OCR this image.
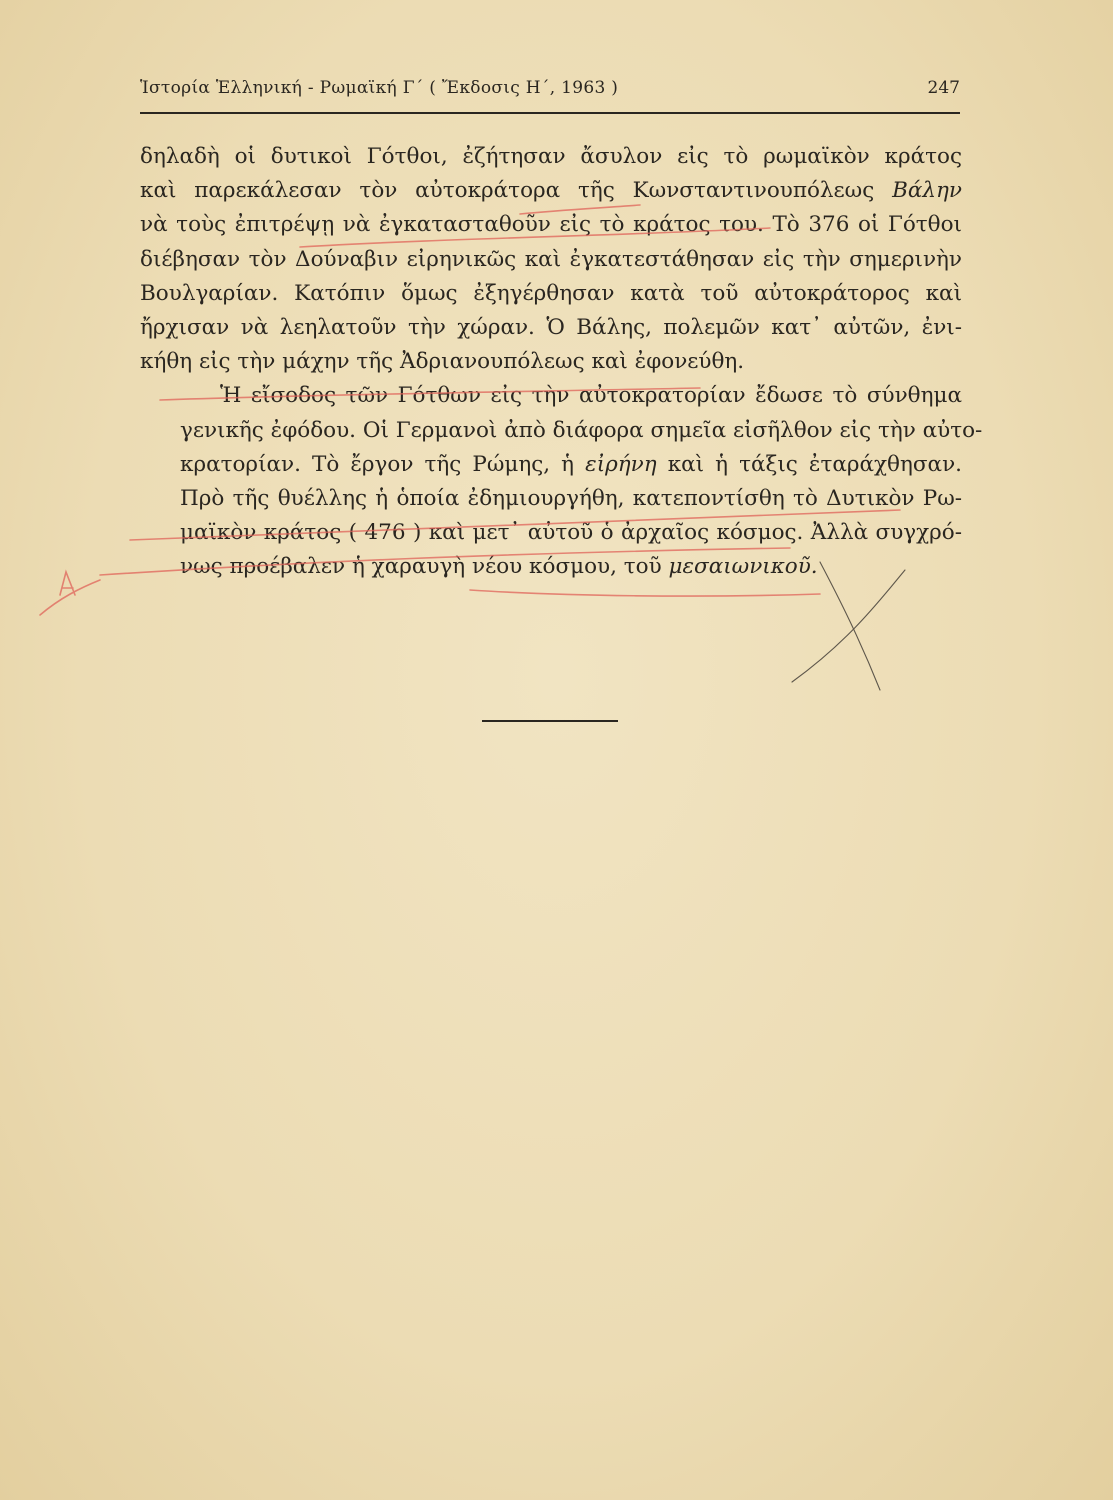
Ἱστορία Ἑλληνική - Ρωμαϊκή Γ΄ ( Ἔκδοσις Η΄, 1963 )	247

δηλαδὴ οἱ δυτικοὶ Γότθοι, ἐζήτησαν ἄσυλον εἰς τὸ ρωμαϊκὸν κράτος
καὶ παρεκάλεσαν τὸν αὐτοκράτορα τῆς Κωνσταντινουπόλεως Βάλην
νὰ τοὺς ἐπιτρέψῃ νὰ ἐγκατασταθοῦν εἰς τὸ κράτος του. Τὸ 376 οἱ Γότθοι
διέβησαν τὸν Δούναβιν εἰρηνικῶς καὶ ἐγκατεστάθησαν εἰς τὴν σημερινὴν
Βουλγαρίαν. Κατόπιν ὅμως ἐξηγέρθησαν κατὰ τοῦ αὐτοκράτορος καὶ
ἤρχισαν νὰ λεηλατοῦν τὴν χώραν. Ὁ Βάλης, πολεμῶν κατ᾽ αὐτῶν, ἐνι-
κήθη εἰς τὴν μάχην τῆς Ἀδριανουπόλεως καὶ ἐφονεύθη.

Ἡ εἴσοδος τῶν Γότθων εἰς τὴν αὐτοκρατορίαν ἔδωσε τὸ σύνθημα
γενικῆς ἐφόδου. Οἱ Γερμανοὶ ἀπὸ διάφορα σημεῖα εἰσῆλθον εἰς τὴν αὐτο-
κρατορίαν. Τὸ ἔργον τῆς Ρώμης, ἡ εἰρήνη καὶ ἡ τάξις ἐταράχθησαν.
Πρὸ τῆς θυέλλης ἡ ὁποία ἐδημιουργήθη, κατεποντίσθη τὸ Δυτικὸν Ρω-
μαϊκὸν κράτος ( 476 ) καὶ μετ᾽ αὐτοῦ ὁ ἀρχαῖος κόσμος. Ἀλλὰ συγχρό-
νως προέβαλεν ἡ χαραυγὴ νέου κόσμου, τοῦ μεσαιωνικοῦ.
